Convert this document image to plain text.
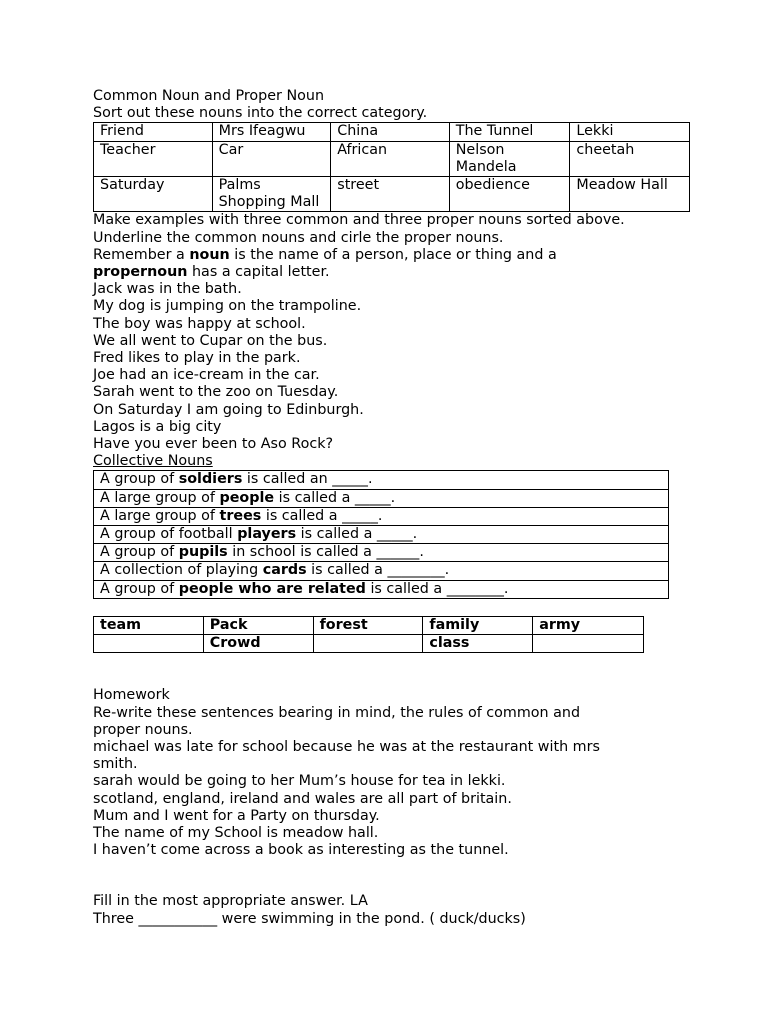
Common Noun and Proper Noun
Sort out these nouns into the correct category.
Friend	Mrs Ifeagwu	China	The Tunnel	Lekki
Teacher	Car	African	Nelson Mandela	cheetah
Saturday	Palms Shopping Mall	street	obedience	Meadow Hall
Make examples with three common and three proper nouns sorted above.
Underline the common nouns and cirle the proper nouns.
Remember a noun is the name of a person, place or thing and a
propernoun has a capital letter.
Jack was in the bath.
My dog is jumping on the trampoline.
The boy was happy at school.
We all went to Cupar on the bus.
Fred likes to play in the park.
Joe had an ice-cream in the car.
Sarah went to the zoo on Tuesday.
On Saturday I am going to Edinburgh.
Lagos is a big city
Have you ever been to Aso Rock?
Collective Nouns
A group of soldiers is called an _____.
A large group of people is called a _____.
A large group of trees is called a _____.
A group of football players is called a _____.
A group of pupils in school is called a ______.
A collection of playing cards is called a ________.
A group of people who are related is called a ________.
team	Pack	forest	family	army
	Crowd		class	
Homework
Re-write these sentences bearing in mind, the rules of common and
proper nouns.
michael was late for school because he was at the restaurant with mrs
smith.
sarah would be going to her Mum’s house for tea in lekki.
scotland, england, ireland and wales are all part of britain.
Mum and I went for a Party on thursday.
The name of my School is meadow hall.
I haven’t come across a book as interesting as the tunnel.
Fill in the most appropriate answer. LA
Three ___________ were swimming in the pond. ( duck/ducks)
